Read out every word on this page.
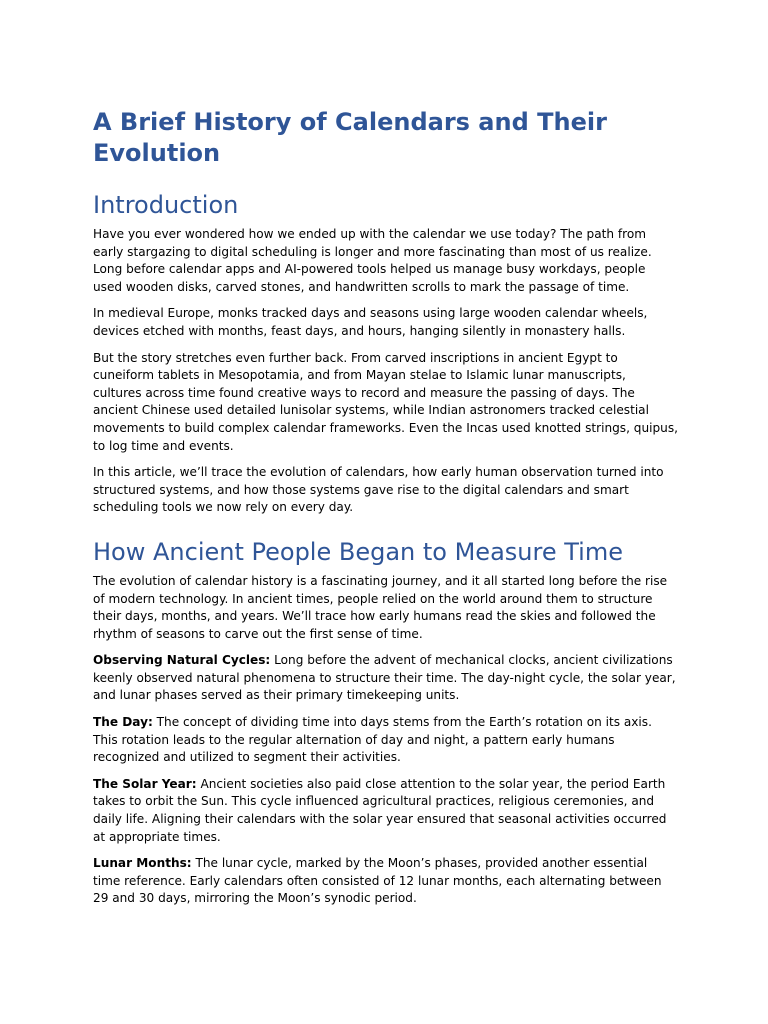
A Brief History of Calendars and Their Evolution
Introduction

Have you ever wondered how we ended up with the calendar we use today? The path from early stargazing to digital scheduling is longer and more fascinating than most of us realize. Long before calendar apps and AI-powered tools helped us manage busy workdays, people used wooden disks, carved stones, and handwritten scrolls to mark the passage of time.

In medieval Europe, monks tracked days and seasons using large wooden calendar wheels, devices etched with months, feast days, and hours, hanging silently in monastery halls.

But the story stretches even further back. From carved inscriptions in ancient Egypt to cuneiform tablets in Mesopotamia, and from Mayan stelae to Islamic lunar manuscripts, cultures across time found creative ways to record and measure the passing of days. The ancient Chinese used detailed lunisolar systems, while Indian astronomers tracked celestial movements to build complex calendar frameworks. Even the Incas used knotted strings, quipus, to log time and events.

In this article, we’ll trace the evolution of calendars, how early human observation turned into structured systems, and how those systems gave rise to the digital calendars and smart scheduling tools we now rely on every day.

How Ancient People Began to Measure Time

The evolution of calendar history is a fascinating journey, and it all started long before the rise of modern technology. In ancient times, people relied on the world around them to structure their days, months, and years. We’ll trace how early humans read the skies and followed the rhythm of seasons to carve out the first sense of time.

Observing Natural Cycles: Long before the advent of mechanical clocks, ancient civilizations keenly observed natural phenomena to structure their time. The day-night cycle, the solar year, and lunar phases served as their primary timekeeping units.

The Day: The concept of dividing time into days stems from the Earth’s rotation on its axis. This rotation leads to the regular alternation of day and night, a pattern early humans recognized and utilized to segment their activities.

The Solar Year: Ancient societies also paid close attention to the solar year, the period Earth takes to orbit the Sun. This cycle influenced agricultural practices, religious ceremonies, and daily life. Aligning their calendars with the solar year ensured that seasonal activities occurred at appropriate times.

Lunar Months: The lunar cycle, marked by the Moon’s phases, provided another essential time reference. Early calendars often consisted of 12 lunar months, each alternating between 29 and 30 days, mirroring the Moon’s synodic period.
